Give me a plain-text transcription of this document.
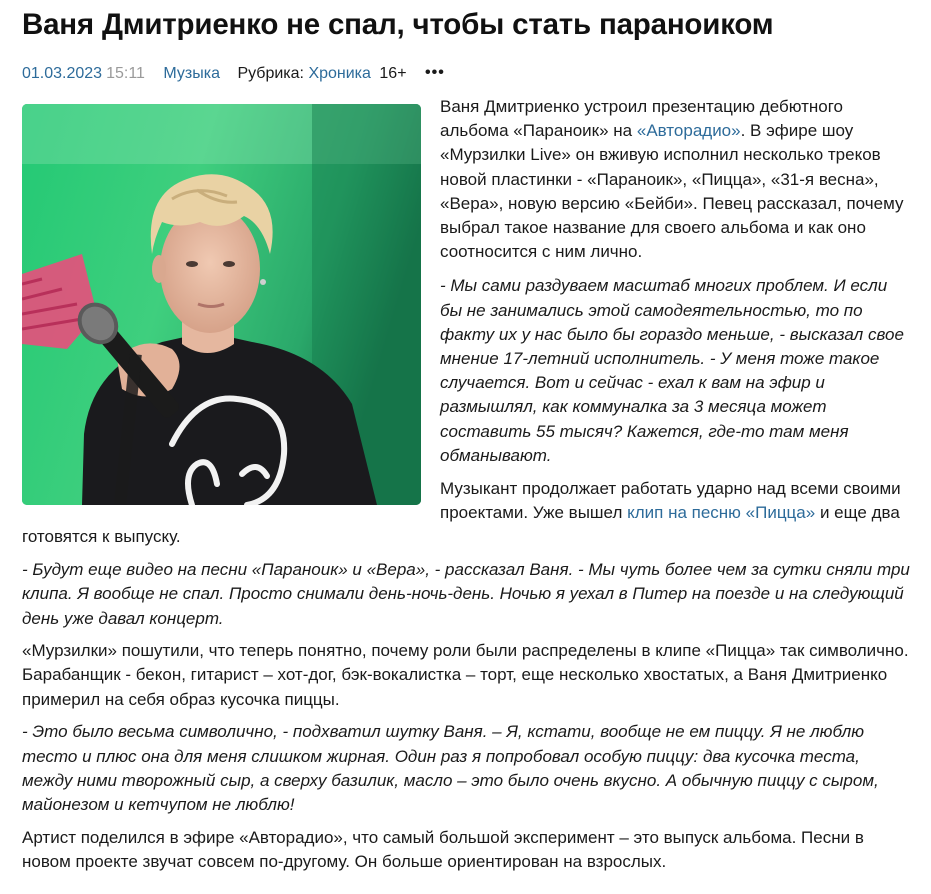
Ваня Дмитриенко не спал, чтобы стать параноиком
01.03.2023 15:11 Музыка Рубрика: Хроника 16+ •••

Ваня Дмитриенко устроил презентацию дебютного альбома «Параноик» на «Авторадио». В эфире шоу «Мурзилки Live» он вживую исполнил несколько треков новой пластинки - «Параноик», «Пицца», «31-я весна», «Вера», новую версию «Бейби». Певец рассказал, почему выбрал такое название для своего альбома и как оно соотносится с ним лично.

- Мы сами раздуваем масштаб многих проблем. И если бы не занимались этой самодеятельностью, то по факту их у нас было бы гораздо меньше, - высказал свое мнение 17-летний исполнитель. - У меня тоже такое случается. Вот и сейчас - ехал к вам на эфир и размышлял, как коммуналка за 3 месяца может составить 55 тысяч? Кажется, где-то там меня обманывают.

Музыкант продолжает работать ударно над всеми своими проектами. Уже вышел клип на песню «Пицца» и еще два готовятся к выпуску.

- Будут еще видео на песни «Параноик» и «Вера», - рассказал Ваня. - Мы чуть более чем за сутки сняли три клипа. Я вообще не спал. Просто снимали день-ночь-день. Ночью я уехал в Питер на поезде и на следующий день уже давал концерт.

«Мурзилки» пошутили, что теперь понятно, почему роли были распределены в клипе «Пицца» так символично. Барабанщик - бекон, гитарист – хот-дог, бэк-вокалистка – торт, еще несколько хвостатых, а Ваня Дмитриенко примерил на себя образ кусочка пиццы.

- Это было весьма символично, - подхватил шутку Ваня. – Я, кстати, вообще не ем пиццу. Я не люблю тесто и плюс она для меня слишком жирная. Один раз я попробовал особую пиццу: два кусочка теста, между ними творожный сыр, а сверху базилик, масло – это было очень вкусно. А обычную пиццу с сыром, майонезом и кетчупом не люблю!

Артист поделился в эфире «Авторадио», что самый большой эксперимент – это выпуск альбома. Песни в новом проекте звучат совсем по-другому. Он больше ориентирован на взрослых.
